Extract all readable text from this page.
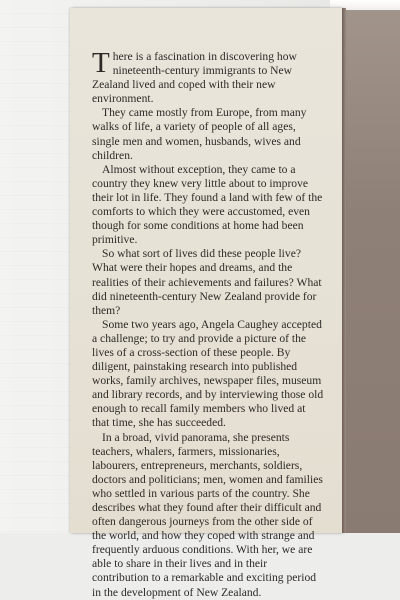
There is a fascination in discovering how nineteenth-century immigrants to New Zealand lived and coped with their new environment.

They came mostly from Europe, from many walks of life, a variety of people of all ages, single men and women, husbands, wives and children.

Almost without exception, they came to a country they knew very little about to improve their lot in life. They found a land with few of the comforts to which they were accustomed, even though for some conditions at home had been primitive.

So what sort of lives did these people live? What were their hopes and dreams, and the realities of their achievements and failures? What did nineteenth-century New Zealand provide for them?

Some two years ago, Angela Caughey accepted a challenge; to try and provide a picture of the lives of a cross-section of these people. By diligent, painstaking research into published works, family archives, newspaper files, museum and library records, and by interviewing those old enough to recall family members who lived at that time, she has succeeded.

In a broad, vivid panorama, she presents teachers, whalers, farmers, missionaries, labourers, entrepreneurs, merchants, soldiers, doctors and politicians; men, women and families who settled in various parts of the country. She describes what they found after their difficult and often dangerous journeys from the other side of the world, and how they coped with strange and frequently arduous conditions. With her, we are able to share in their lives and in their contribution to a remarkable and exciting period in the development of New Zealand.
